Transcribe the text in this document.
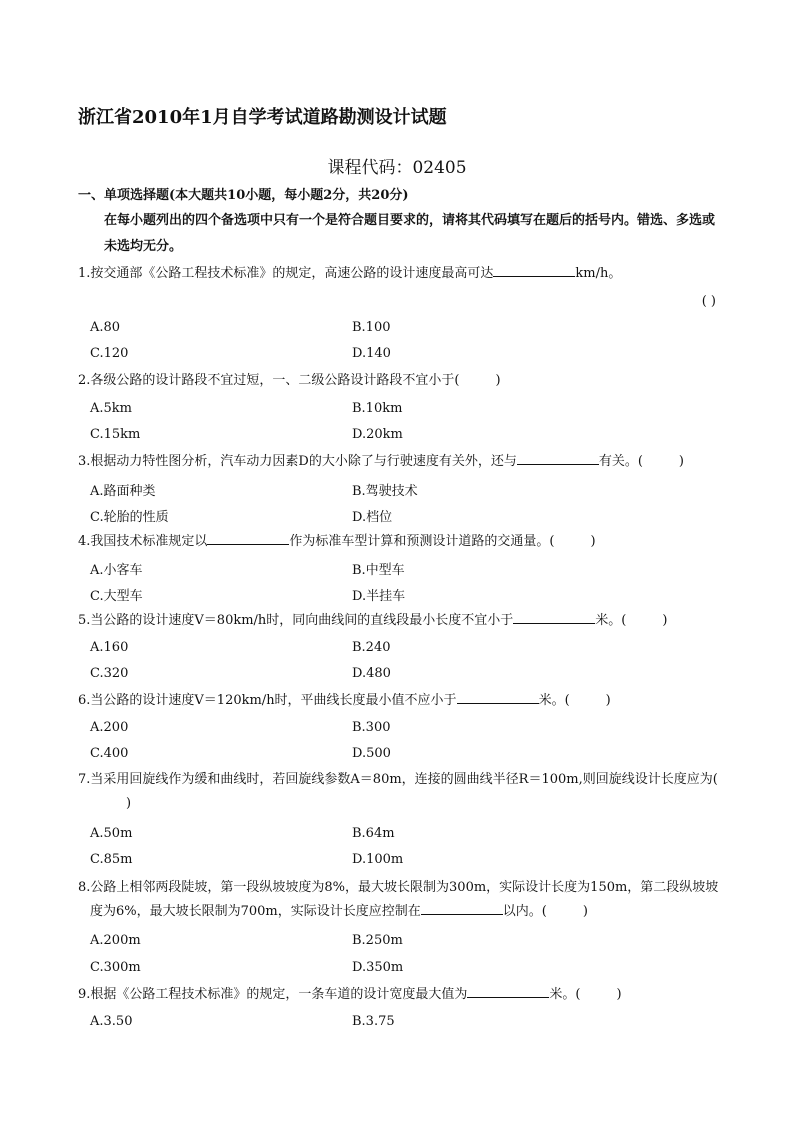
浙江省2010年1月自学考试道路勘测设计试题
课程代码：02405
一、单项选择题(本大题共10小题，每小题2分，共20分)
在每小题列出的四个备选项中只有一个是符合题目要求的，请将其代码填写在题后的括号内。错选、多选或未选均无分。
1.按交通部《公路工程技术标准》的规定，高速公路的设计速度最高可达	km/h。
( )
A.80	B.100
C.120	D.140
2.各级公路的设计路段不宜过短，一、二级公路设计路段不宜小于(	)
A.5km	B.10km
C.15km	D.20km
3.根据动力特性图分析，汽车动力因素D的大小除了与行驶速度有关外，还与	有关。(	)
A.路面种类	B.驾驶技术
C.轮胎的性质	D.档位
4.我国技术标准规定以	作为标准车型计算和预测设计道路的交通量。(	)
A.小客车	B.中型车
C.大型车	D.半挂车
5.当公路的设计速度V＝80km/h时，同向曲线间的直线段最小长度不宜小于	米。(	)
A.160	B.240
C.320	D.480
6.当公路的设计速度V＝120km/h时，平曲线长度最小值不应小于	米。(	)
A.200	B.300
C.400	D.500
7.当采用回旋线作为缓和曲线时，若回旋线参数A＝80m，连接的圆曲线半径R＝100m,则回旋线设计长度应为()
A.50m	B.64m
C.85m	D.100m
8.公路上相邻两段陡坡，第一段纵坡坡度为8%，最大坡长限制为300m，实际设计长度为150m，第二段纵坡坡度为6%，最大坡长限制为700m，实际设计长度应控制在	以内。(	)
A.200m	B.250m
C.300m	D.350m
9.根据《公路工程技术标准》的规定，一条车道的设计宽度最大值为	米。(	)
A.3.50	B.3.75
